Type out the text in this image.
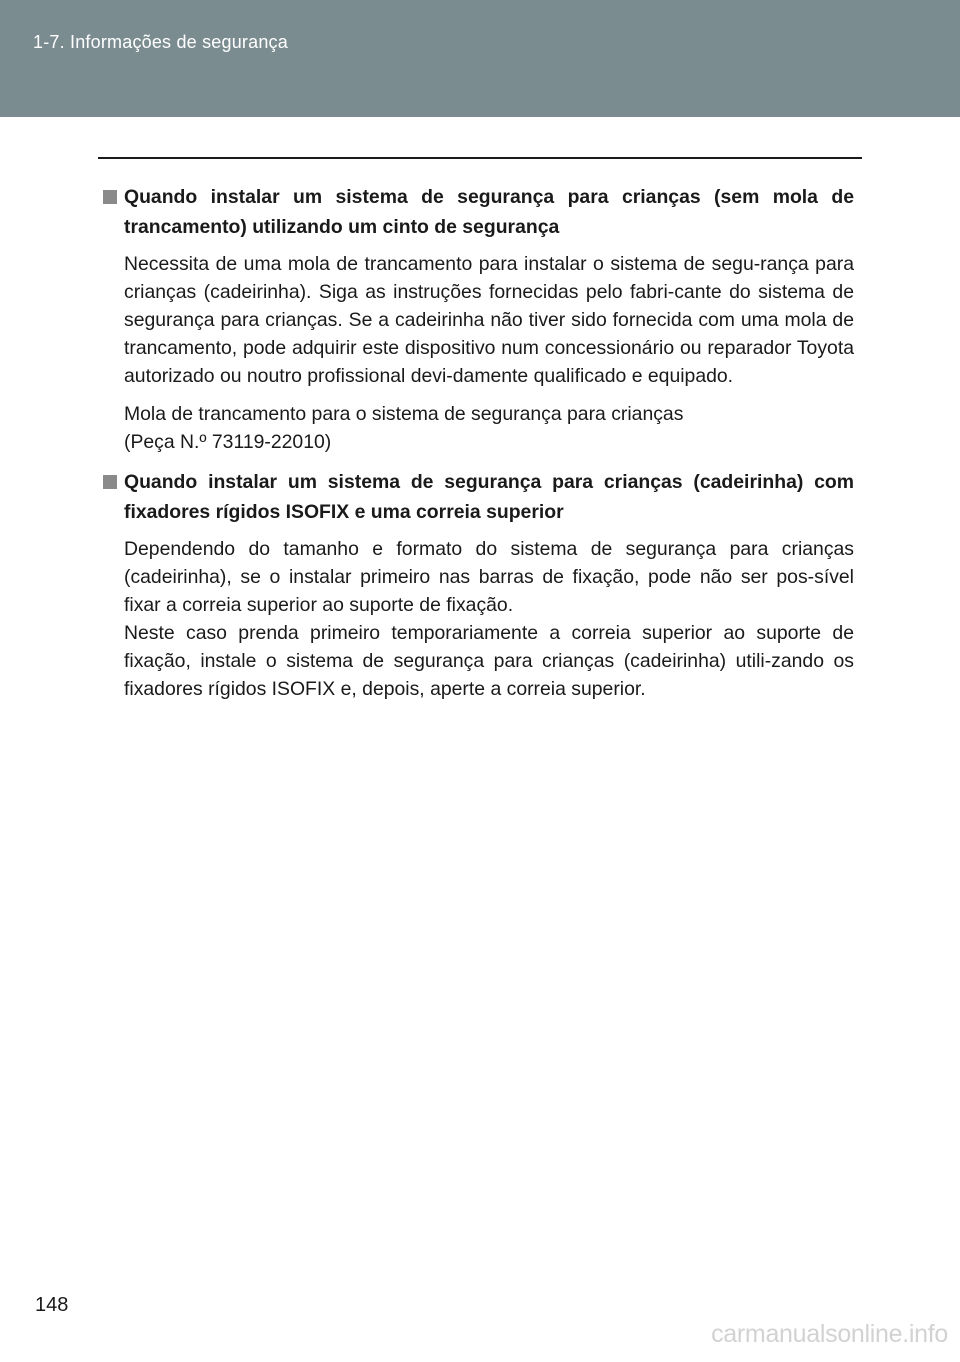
1-7. Informações de segurança
Quando instalar um sistema de segurança para crianças (sem mola de trancamento) utilizando um cinto de segurança

Necessita de uma mola de trancamento para instalar o sistema de segu-rança para crianças (cadeirinha). Siga as instruções fornecidas pelo fabri-cante do sistema de segurança para crianças. Se a cadeirinha não tiver sido fornecida com uma mola de trancamento, pode adquirir este dispositivo num concessionário ou reparador Toyota autorizado ou noutro profissional devi-damente qualificado e equipado.

Mola de trancamento para o sistema de segurança para crianças

(Peça N.º 73119-22010)

Quando instalar um sistema de segurança para crianças (cadeirinha) com fixadores rígidos ISOFIX e uma correia superior

Dependendo do tamanho e formato do sistema de segurança para crianças (cadeirinha), se o instalar primeiro nas barras de fixação, pode não ser pos-sível fixar a correia superior ao suporte de fixação.

Neste caso prenda primeiro temporariamente a correia superior ao suporte de fixação, instale o sistema de segurança para crianças (cadeirinha) utili-zando os fixadores rígidos ISOFIX e, depois, aperte a correia superior.

148
carmanualsonline.info
